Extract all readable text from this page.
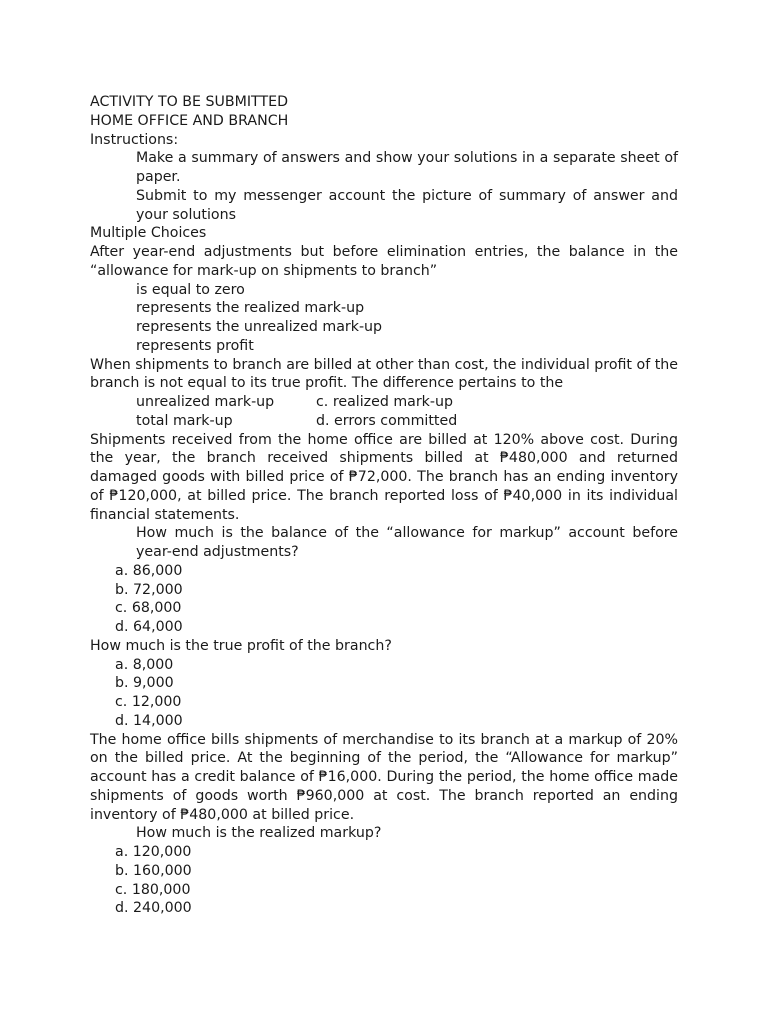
ACTIVITY TO BE SUBMITTED
HOME OFFICE AND BRANCH
Instructions:
Make a summary of answers and show your solutions in a separate sheet of paper.
Submit to my messenger account the picture of summary of answer and your solutions
Multiple Choices
After year-end adjustments but before elimination entries, the balance in the “allowance for mark-up on shipments to branch”
is equal to zero
represents the realized mark-up
represents the unrealized mark-up
represents profit
When shipments to branch are billed at other than cost, the individual profit of the branch is not equal to its true profit. The difference pertains to the
unrealized mark-up	c. realized mark-up
total mark-up	d. errors committed
Shipments received from the home office are billed at 120% above cost. During the year, the branch received shipments billed at ₱480,000 and returned damaged goods with billed price of ₱72,000. The branch has an ending inventory of ₱120,000, at billed price. The branch reported loss of ₱40,000 in its individual financial statements.
How much is the balance of the “allowance for markup” account before year-end adjustments?
a. 86,000
b. 72,000
c. 68,000
d. 64,000
How much is the true profit of the branch?
a. 8,000
b. 9,000
c. 12,000
d. 14,000
The home office bills shipments of merchandise to its branch at a markup of 20% on the billed price. At the beginning of the period, the “Allowance for markup” account has a credit balance of ₱16,000. During the period, the home office made shipments of goods worth ₱960,000 at cost. The branch reported an ending inventory of ₱480,000 at billed price.
How much is the realized markup?
a. 120,000
b. 160,000
c. 180,000
d. 240,000
